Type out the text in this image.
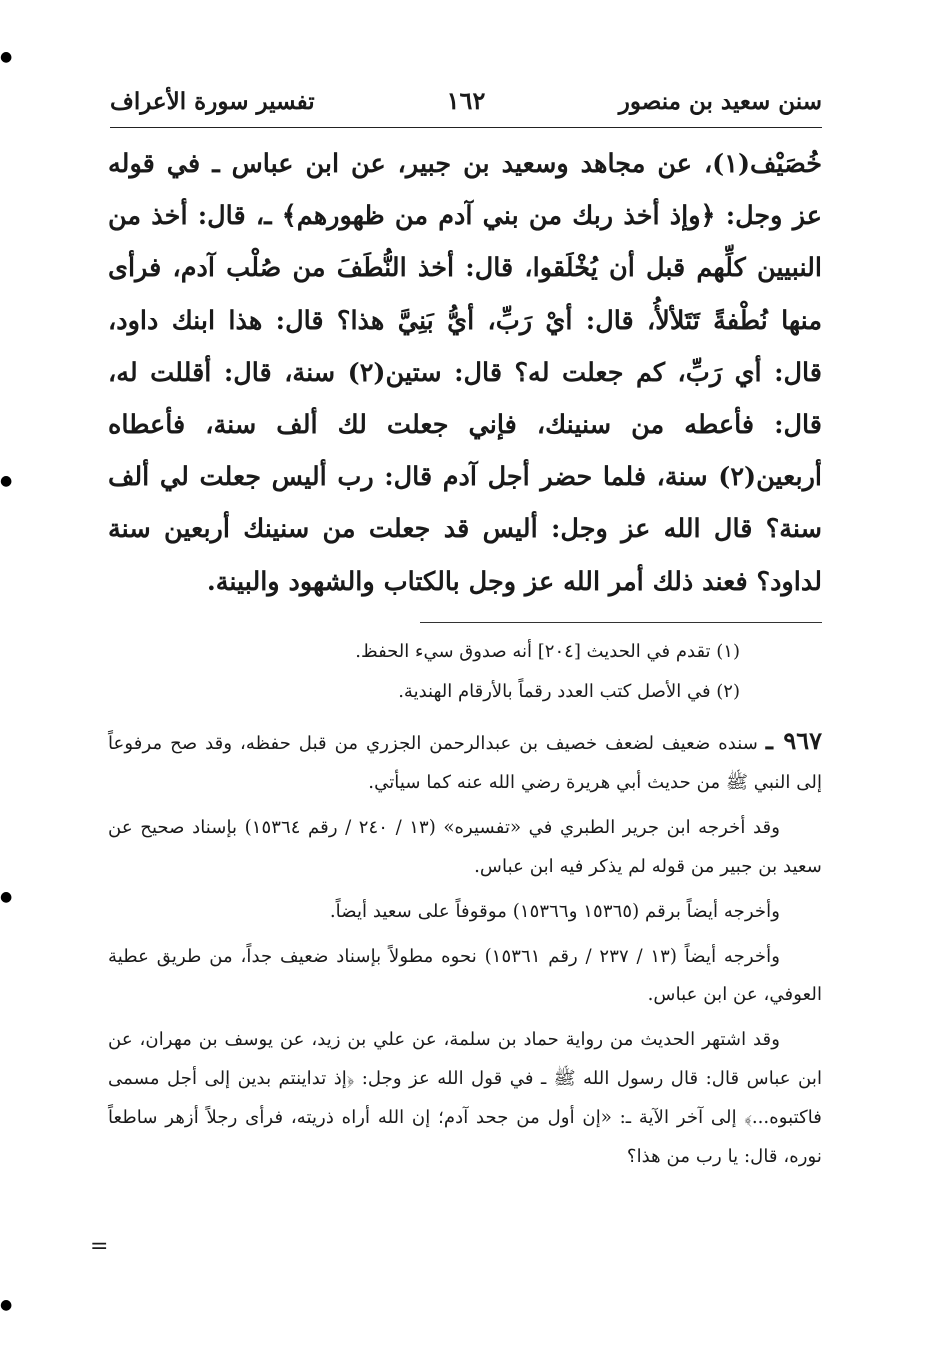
سنن سعيد بن منصور
١٦٢
تفسير سورة الأعراف

خُصَيْف(١)، عن مجاهد وسعيد بن جبير، عن ابن عباس ـ في قوله عز وجل: ﴿وإذ أخذ ربك من بني آدم من ظهورهم﴾ ـ، قال: أخذ من النبيين كلِّهم قبل أن يُخْلَقوا، قال: أخذ النُّطَفَ من صُلْب آدم، فرأى منها نُطْفةً تَتَلألأُ، قال: أيْ رَبِّ، أيُّ بَنِيَّ هذا؟ قال: هذا ابنك داود، قال: أي رَبِّ، كم جعلت له؟ قال: ستين(٢) سنة، قال: أقللت له، قال: فأعطه من سنينك، فإني جعلت لك ألف سنة، فأعطاه أربعين(٢) سنة، فلما حضر أجل آدم قال: رب أليس جعلت لي ألف سنة؟ قال الله عز وجل: أليس قد جعلت من سنينك أربعين سنة لداود؟ فعند ذلك أمر الله عز وجل بالكتاب والشهود والبينة.

(١) تقدم في الحديث [٢٠٤] أنه صدوق سيء الحفظ.

(٢) في الأصل كتب العدد رقماً بالأرقام الهندية.

٩٦٧ ـ سنده ضعيف لضعف خصيف بن عبدالرحمن الجزري من قبل حفظه، وقد صح مرفوعاً إلى النبي ﷺ من حديث أبي هريرة رضي الله عنه كما سيأتي.

وقد أخرجه ابن جرير الطبري في «تفسيره» (١٣ / ٢٤٠ / رقم ١٥٣٦٤) بإسناد صحيح عن سعيد بن جبير من قوله لم يذكر فيه ابن عباس.

وأخرجه أيضاً برقم (١٥٣٦٥ و١٥٣٦٦) موقوفاً على سعيد أيضاً.

وأخرجه أيضاً (١٣ / ٢٣٧ / رقم ١٥٣٦١) نحوه مطولاً بإسناد ضعيف جداً، من طريق عطية العوفي، عن ابن عباس.

وقد اشتهر الحديث من رواية حماد بن سلمة، عن علي بن زيد، عن يوسف بن مهران، عن ابن عباس قال: قال رسول الله ﷺ ـ في قول الله عز وجل: ﴿إذ تداينتم بدين إلى أجل مسمى فاكتبوه...﴾ إلى آخر الآية ـ: «إن أول من جحد آدم؛ إن الله أراه ذريته، فرأى رجلاً أزهر ساطعاً نوره، قال: يا رب من هذا؟

=
●
●
●
●
